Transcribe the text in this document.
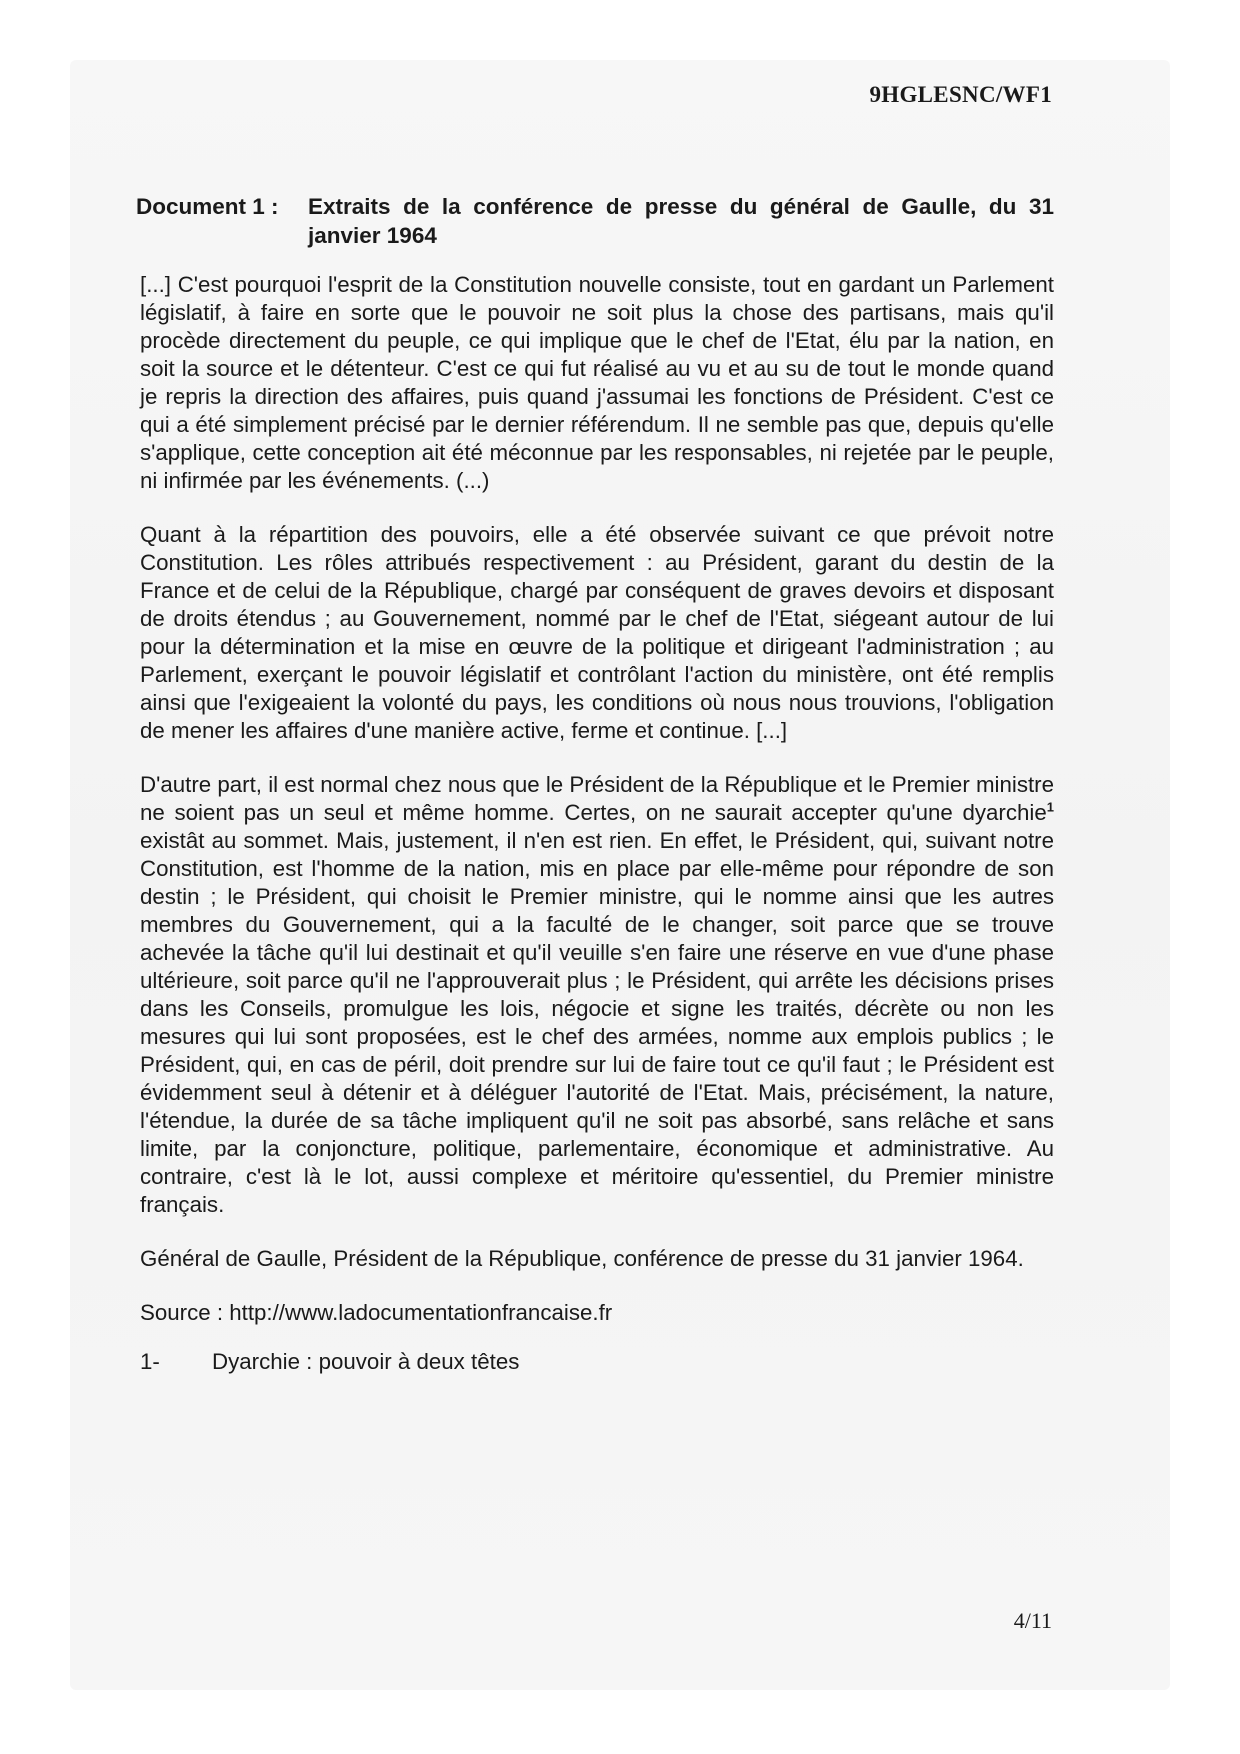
9HGLESNC/WF1
Document 1 :	Extraits de la conférence de presse du général de Gaulle, du 31 janvier 1964

[...] C'est pourquoi l'esprit de la Constitution nouvelle consiste, tout en gardant un Parlement législatif, à faire en sorte que le pouvoir ne soit plus la chose des partisans, mais qu'il procède directement du peuple, ce qui implique que le chef de l'Etat, élu par la nation, en soit la source et le détenteur. C'est ce qui fut réalisé au vu et au su de tout le monde quand je repris la direction des affaires, puis quand j'assumai les fonctions de Président. C'est ce qui a été simplement précisé par le dernier référendum. Il ne semble pas que, depuis qu'elle s'applique, cette conception ait été méconnue par les responsables, ni rejetée par le peuple, ni infirmée par les événements. (...)

Quant à la répartition des pouvoirs, elle a été observée suivant ce que prévoit notre Constitution. Les rôles attribués respectivement : au Président, garant du destin de la France et de celui de la République, chargé par conséquent de graves devoirs et disposant de droits étendus ; au Gouvernement, nommé par le chef de l'Etat, siégeant autour de lui pour la détermination et la mise en œuvre de la politique et dirigeant l'administration ; au Parlement, exerçant le pouvoir législatif et contrôlant l'action du ministère, ont été remplis ainsi que l'exigeaient la volonté du pays, les conditions où nous nous trouvions, l'obligation de mener les affaires d'une manière active, ferme et continue. [...]

D'autre part, il est normal chez nous que le Président de la République et le Premier ministre ne soient pas un seul et même homme. Certes, on ne saurait accepter qu'une dyarchie$^1$ existât au sommet. Mais, justement, il n'en est rien. En effet, le Président, qui, suivant notre Constitution, est l'homme de la nation, mis en place par elle-même pour répondre de son destin ; le Président, qui choisit le Premier ministre, qui le nomme ainsi que les autres membres du Gouvernement, qui a la faculté de le changer, soit parce que se trouve achevée la tâche qu'il lui destinait et qu'il veuille s'en faire une réserve en vue d'une phase ultérieure, soit parce qu'il ne l'approuverait plus ; le Président, qui arrête les décisions prises dans les Conseils, promulgue les lois, négocie et signe les traités, décrète ou non les mesures qui lui sont proposées, est le chef des armées, nomme aux emplois publics ; le Président, qui, en cas de péril, doit prendre sur lui de faire tout ce qu'il faut ; le Président est évidemment seul à détenir et à déléguer l'autorité de l'Etat. Mais, précisément, la nature, l'étendue, la durée de sa tâche impliquent qu'il ne soit pas absorbé, sans relâche et sans limite, par la conjoncture, politique, parlementaire, économique et administrative. Au contraire, c'est là le lot, aussi complexe et méritoire qu'essentiel, du Premier ministre français.

Général de Gaulle, Président de la République, conférence de presse du 31 janvier 1964.

Source : http://www.ladocumentationfrancaise.fr

1-	Dyarchie : pouvoir à deux têtes
4/11
